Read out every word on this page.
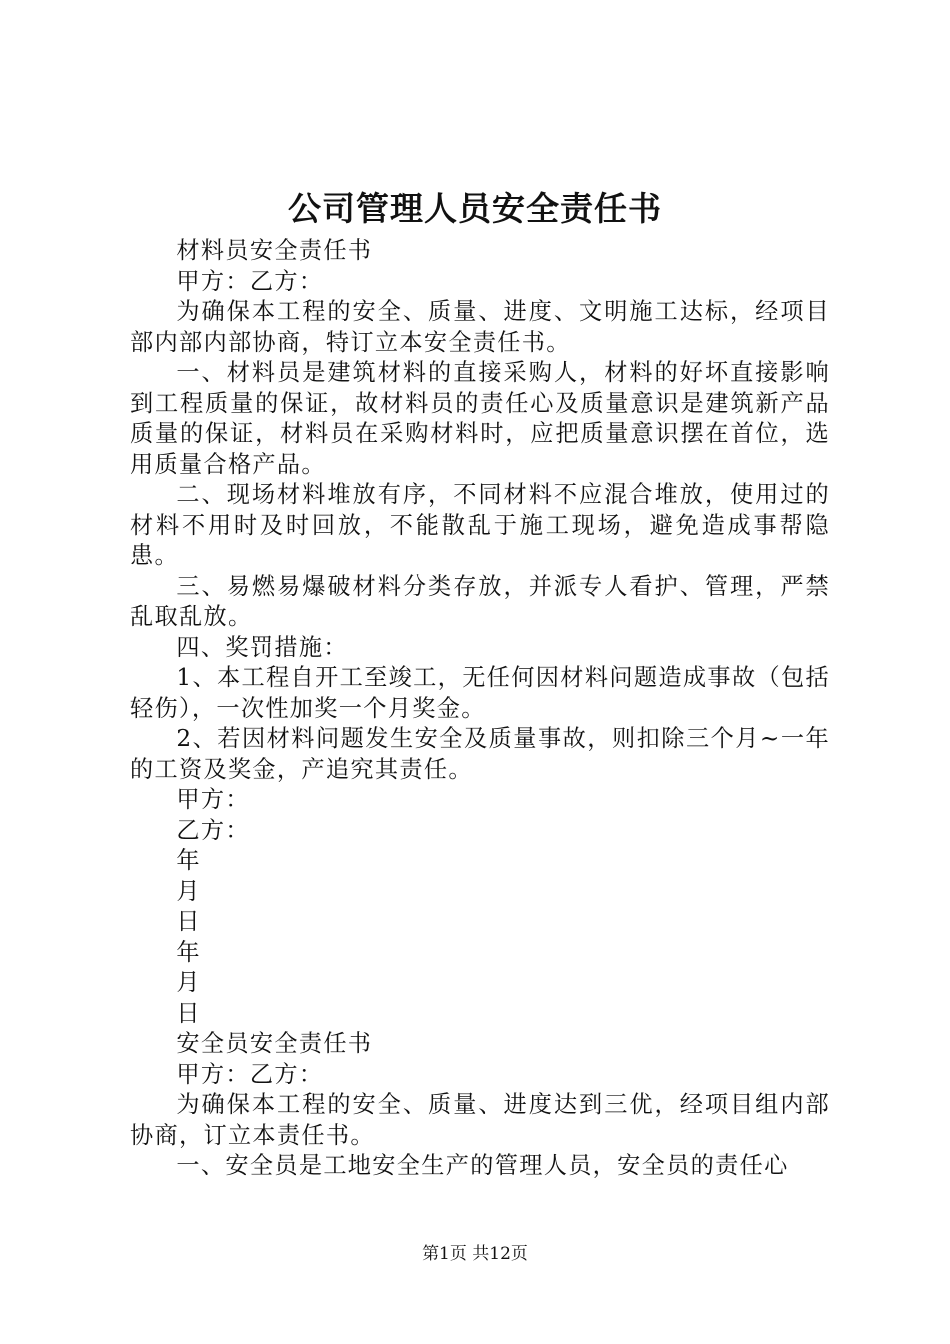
公司管理人员安全责任书

材料员安全责任书

甲方：乙方：

为确保本工程的安全、质量、进度、文明施工达标，经项目部内部内部协商，特订立本安全责任书。

一、材料员是建筑材料的直接采购人，材料的好坏直接影响到工程质量的保证，故材料员的责任心及质量意识是建筑新产品质量的保证，材料员在采购材料时，应把质量意识摆在首位，选用质量合格产品。

二、现场材料堆放有序，不同材料不应混合堆放，使用过的材料不用时及时回放，不能散乱于施工现场，避免造成事帮隐患。

三、易燃易爆破材料分类存放，并派专人看护、管理，严禁乱取乱放。

四、奖罚措施：

1、本工程自开工至竣工，无任何因材料问题造成事故（包括轻伤），一次性加奖一个月奖金。

2、若因材料问题发生安全及质量事故，则扣除三个月~一年的工资及奖金，产追究其责任。

甲方：

乙方：

年

月

日

年

月

日

安全员安全责任书

甲方：乙方：

为确保本工程的安全、质量、进度达到三优，经项目组内部协商，订立本责任书。

一、安全员是工地安全生产的管理人员，安全员的责任心

第1页 共12页
